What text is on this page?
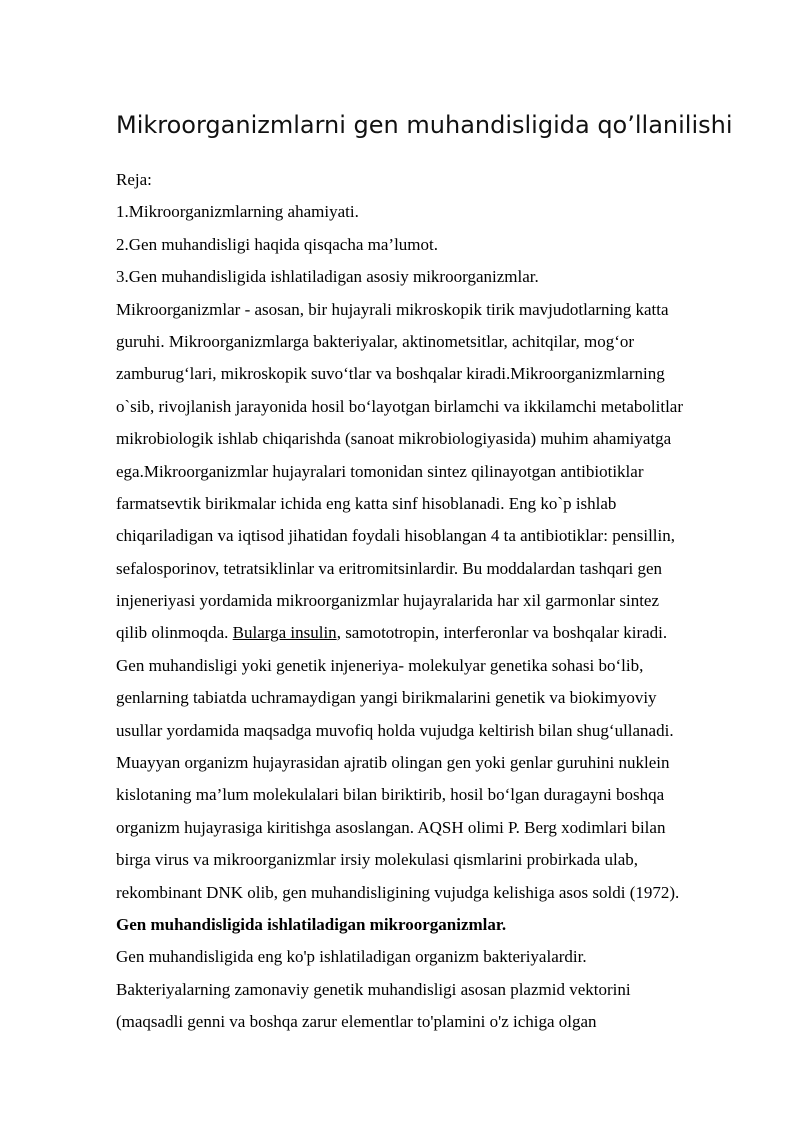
Mikroorganizmlarni gen muhandisligida qo’llanilishi
Reja:
1.Mikroorganizmlarning ahamiyati.
2.Gen muhandisligi haqida qisqacha ma’lumot.
3.Gen muhandisligida ishlatiladigan asosiy mikroorganizmlar.
Mikroorganizmlar - asosan, bir hujayrali mikroskopik tirik mavjudotlarning katta
guruhi. Mikroorganizmlarga bakteriyalar, aktinometsitlar, achitqilar, mog‘or
zamburug‘lari, mikroskopik suvo‘tlar va boshqalar kiradi.Mikroorganizmlarning
o`sib, rivojlanish jarayonida hosil bo‘layotgan birlamchi va ikkilamchi metabolitlar
mikrobiologik ishlab chiqarishda (sanoat mikrobiologiyasida) muhim ahamiyatga
ega.Mikroorganizmlar hujayralari tomonidan sintez qilinayotgan antibiotiklar
farmatsevtik birikmalar ichida eng katta sinf hisoblanadi. Eng ko`p ishlab
chiqariladigan va iqtisod jihatidan foydali hisoblangan 4 ta antibiotiklar: pensillin,
sefalosporinov, tetratsiklinlar va eritromitsinlardir. Bu moddalardan tashqari gen
injeneriyasi yordamida mikroorganizmlar hujayralarida har xil garmonlar sintez
qilib olinmoqda. Bularga insulin, samototropin, interferonlar va boshqalar kiradi.
Gen muhandisligi yoki genetik injeneriya- molekulyar genetika sohasi bo‘lib,
genlarning tabiatda uchramaydigan yangi birikmalarini genetik va biokimyoviy
usullar yordamida maqsadga muvofiq holda vujudga keltirish bilan shug‘ullanadi.
Muayyan organizm hujayrasidan ajratib olingan gen yoki genlar guruhini nuklein
kislotaning ma’lum molekulalari bilan biriktirib, hosil bo‘lgan duragayni boshqa
organizm hujayrasiga kiritishga asoslangan. AQSH olimi P. Berg xodimlari bilan
birga virus va mikroorganizmlar irsiy molekulasi qismlarini probirkada ulab,
rekombinant DNK olib, gen muhandisligining vujudga kelishiga asos soldi (1972).
Gen muhandisligida ishlatiladigan mikroorganizmlar.
Gen muhandisligida eng ko'p ishlatiladigan organizm bakteriyalardir.
Bakteriyalarning zamonaviy genetik muhandisligi asosan plazmid vektorini
(maqsadli genni va boshqa zarur elementlar to'plamini o'z ichiga olgan
